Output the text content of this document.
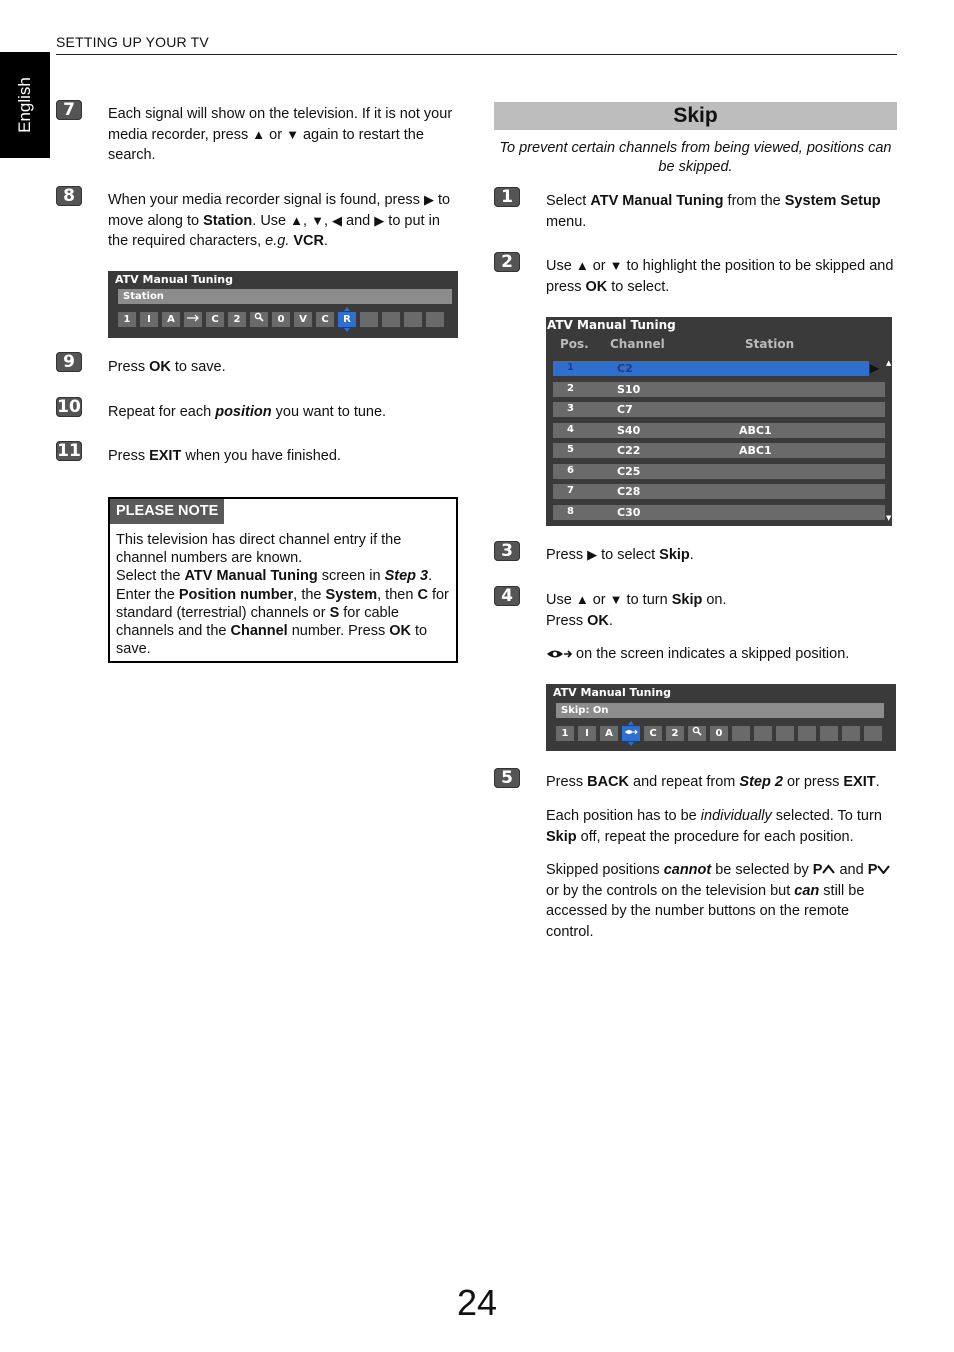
English
SETTING UP YOUR TV
7	Each signal will show on the television. If it is not your media recorder, press ▲ or ▼ again to restart the search.
8	When your media recorder signal is found, press ▶ to move along to Station. Use ▲, ▼, ◀ and ▶ to put in the required characters, e.g. VCR.
ATV Manual Tuning
Station
1	I	A	C	2	0	V	C	R
9	Press OK to save.
10 Repeat for each position you want to tune.
11 Press EXIT when you have finished.
PLEASE NOTE
This television has direct channel entry if the channel numbers are known.
Select the ATV Manual Tuning screen in Step 3.
Enter the Position number, the System, then C for standard (terrestrial) channels or S for cable channels and the Channel number. Press OK to save.
Skip
To prevent certain channels from being viewed, positions can be skipped.
1	Select ATV Manual Tuning from the System Setup menu.
2	Use ▲ or ▼ to highlight the position to be skipped and press OK to select.
ATV Manual Tuning
Pos. Channel	Station
1	C2
2	S10
3	C7
4	S40	ABC1
5	C22	ABC1
6	C25
7	C28
8	C30
▶ ▲
▼
3	Press ▶ to select Skip.
4	Use ▲ or ▼ to turn Skip on.
Press OK.
on the screen indicates a skipped position.
ATV Manual Tuning
Skip: On
1	I	A	C	2	0
5	Press BACK and repeat from Step 2 or press EXIT.
Each position has to be individually selected. To turn Skip off, repeat the procedure for each position.
Skipped positions cannot be selected by P and P or by the controls on the television but can still be accessed by the number buttons on the remote control.
24
